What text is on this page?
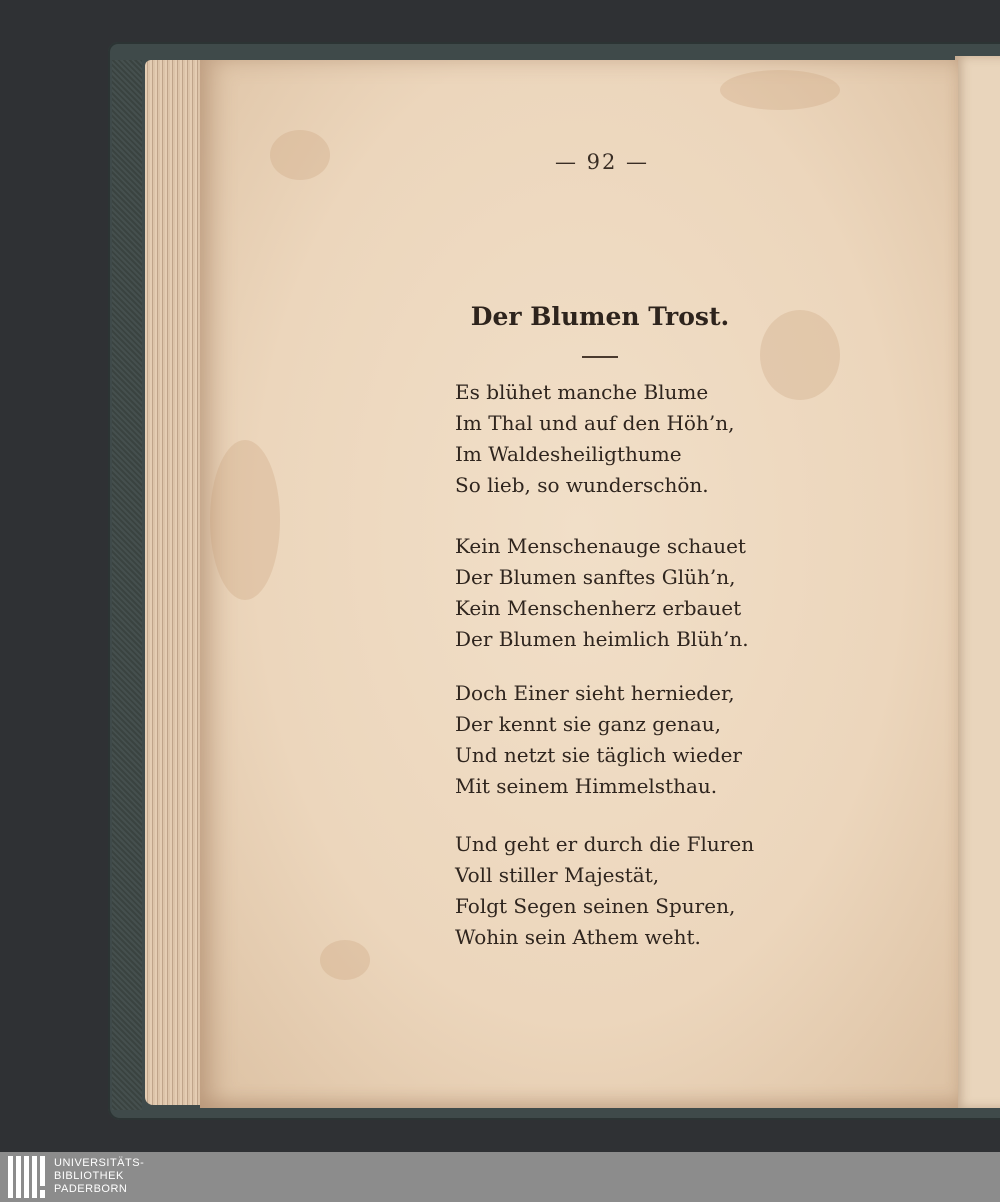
— 92 —
Der Blumen Trost.
Es blühet manche Blume
Im Thal und auf den Höh’n,
Im Waldesheiligthume
So lieb, so wunderschön.
Kein Menschenauge schauet
Der Blumen sanftes Glüh’n,
Kein Menschenherz erbauet
Der Blumen heimlich Blüh’n.
Doch Einer sieht hernieder,
Der kennt sie ganz genau,
Und netzt sie täglich wieder
Mit seinem Himmelsthau.
Und geht er durch die Fluren
Voll stiller Majestät,
Folgt Segen seinen Spuren,
Wohin sein Athem weht.
UNIVERSITÄTS-
BIBLIOTHEK
PADERBORN
